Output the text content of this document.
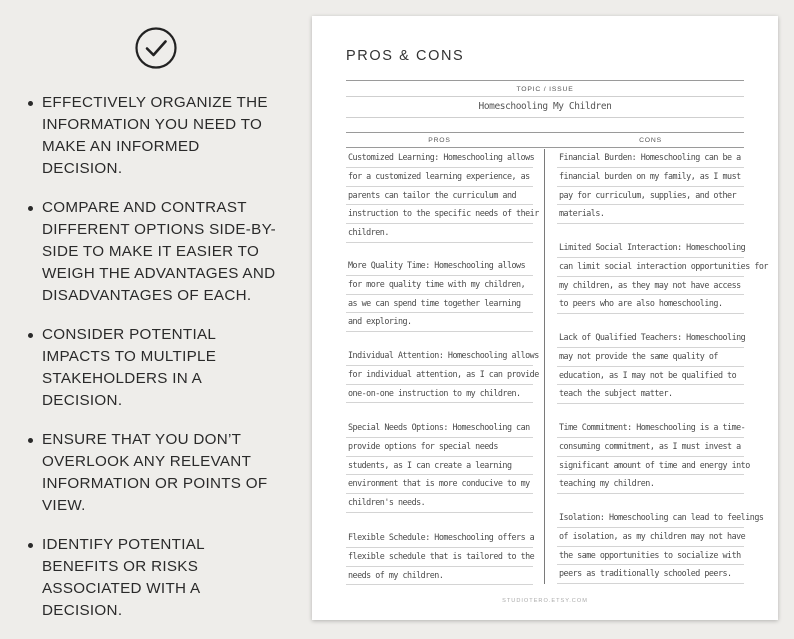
EFFECTIVELY ORGANIZE THE
INFORMATION YOU NEED TO
MAKE AN INFORMED
DECISION.
COMPARE AND CONTRAST
DIFFERENT OPTIONS SIDE-BY-
SIDE TO MAKE IT EASIER TO
WEIGH THE ADVANTAGES AND
DISADVANTAGES OF EACH.
CONSIDER POTENTIAL
IMPACTS TO MULTIPLE
STAKEHOLDERS IN A
DECISION.
ENSURE THAT YOU DON’T
OVERLOOK ANY RELEVANT
INFORMATION OR POINTS OF
VIEW.
IDENTIFY POTENTIAL
BENEFITS OR RISKS
ASSOCIATED WITH A
DECISION.
PROS & CONS
TOPIC / ISSUE
Homeschooling My Children
PROS	CONS
Customized Learning: Homeschooling allows
for a customized learning experience, as
parents can tailor the curriculum and
instruction to the specific needs of their
children.
More Quality Time: Homeschooling allows
for more quality time with my children,
as we can spend time together learning
and exploring.
Individual Attention: Homeschooling allows
for individual attention, as I can provide
one-on-one instruction to my children.
Special Needs Options: Homeschooling can
provide options for special needs
students, as I can create a learning
environment that is more conducive to my
children's needs.
Flexible Schedule: Homeschooling offers a
flexible schedule that is tailored to the
needs of my children.
Financial Burden: Homeschooling can be a
financial burden on my family, as I must
pay for curriculum, supplies, and other
materials.
Limited Social Interaction: Homeschooling
can limit social interaction opportunities for
my children, as they may not have access
to peers who are also homeschooling.
Lack of Qualified Teachers: Homeschooling
may not provide the same quality of
education, as I may not be qualified to
teach the subject matter.
Time Commitment: Homeschooling is a time-
consuming commitment, as I must invest a
significant amount of time and energy into
teaching my children.
Isolation: Homeschooling can lead to feelings
of isolation, as my children may not have
the same opportunities to socialize with
peers as traditionally schooled peers.
STUDIOTERO.ETSY.COM
